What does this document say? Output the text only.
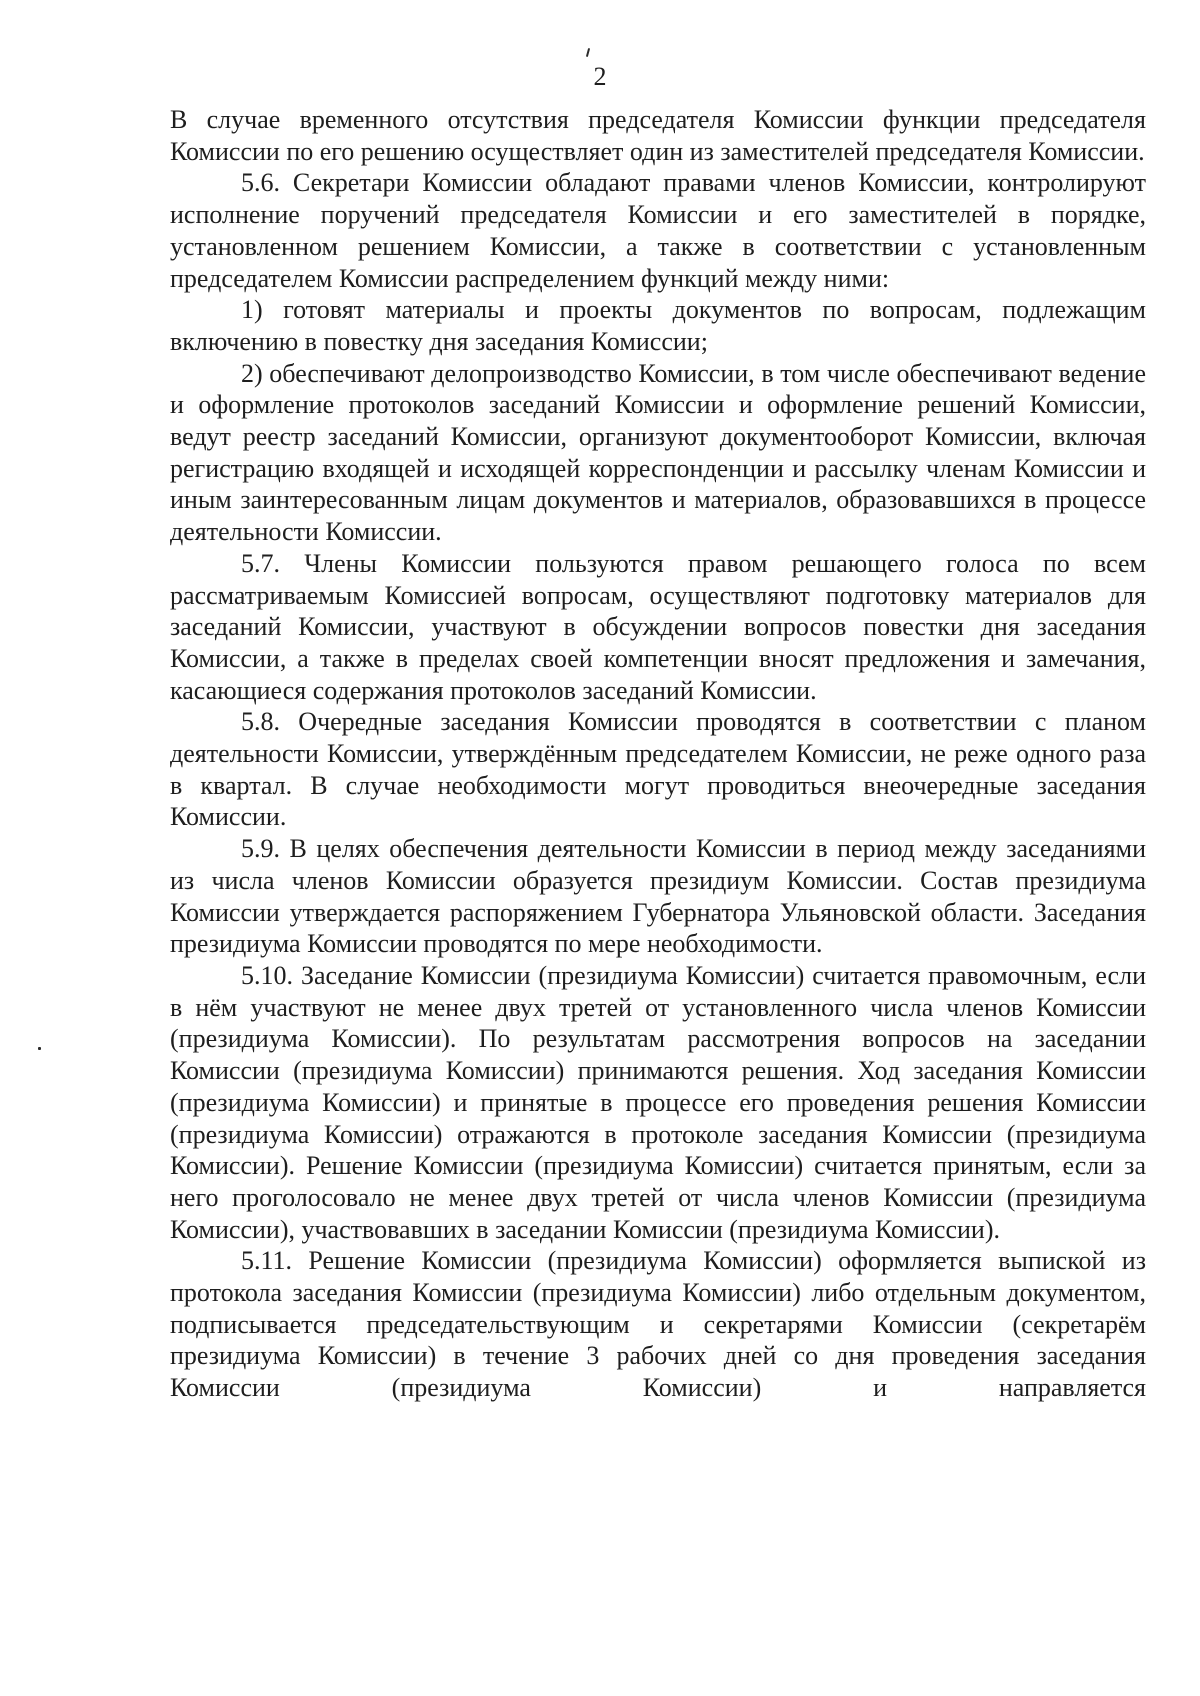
2

В случае временного отсутствия председателя Комиссии функции председателя Комиссии по его решению осуществляет один из заместителей председателя Комиссии.

5.6. Секретари Комиссии обладают правами членов Комиссии, контролируют исполнение поручений председателя Комиссии и его заместителей в порядке, установленном решением Комиссии, а также в соответствии с установленным председателем Комиссии распределением функций между ними:

1) готовят материалы и проекты документов по вопросам, подлежащим включению в повестку дня заседания Комиссии;

2) обеспечивают делопроизводство Комиссии, в том числе обеспечивают ведение и оформление протоколов заседаний Комиссии и оформление решений Комиссии, ведут реестр заседаний Комиссии, организуют документооборот Комиссии, включая регистрацию входящей и исходящей корреспонденции и рассылку членам Комиссии и иным заинтересованным лицам документов и материалов, образовавшихся в процессе деятельности Комиссии.

5.7. Члены Комиссии пользуются правом решающего голоса по всем рассматриваемым Комиссией вопросам, осуществляют подготовку материалов для заседаний Комиссии, участвуют в обсуждении вопросов повестки дня заседания Комиссии, а также в пределах своей компетенции вносят предложения и замечания, касающиеся содержания протоколов заседаний Комиссии.

5.8. Очередные заседания Комиссии проводятся в соответствии с планом деятельности Комиссии, утверждённым председателем Комиссии, не реже одного раза в квартал. В случае необходимости могут проводиться внеочередные заседания Комиссии.

5.9. В целях обеспечения деятельности Комиссии в период между заседаниями из числа членов Комиссии образуется президиум Комиссии. Состав президиума Комиссии утверждается распоряжением Губернатора Ульяновской области. Заседания президиума Комиссии проводятся по мере необходимости.

5.10. Заседание Комиссии (президиума Комиссии) считается правомочным, если в нём участвуют не менее двух третей от установленного числа членов Комиссии (президиума Комиссии). По результатам рассмотрения вопросов на заседании Комиссии (президиума Комиссии) принимаются решения. Ход заседания Комиссии (президиума Комиссии) и принятые в процессе его проведения решения Комиссии (президиума Комиссии) отражаются в протоколе заседания Комиссии (президиума Комиссии). Решение Комиссии (президиума Комиссии) считается принятым, если за него проголосовало не менее двух третей от числа членов Комиссии (президиума Комиссии), участвовавших в заседании Комиссии (президиума Комиссии).

5.11. Решение Комиссии (президиума Комиссии) оформляется выпиской из протокола заседания Комиссии (президиума Комиссии) либо отдельным документом, подписывается председательствующим и секретарями Комиссии (секретарём президиума Комиссии) в течение 3 рабочих дней со дня проведения заседания Комиссии (президиума Комиссии) и направляется
